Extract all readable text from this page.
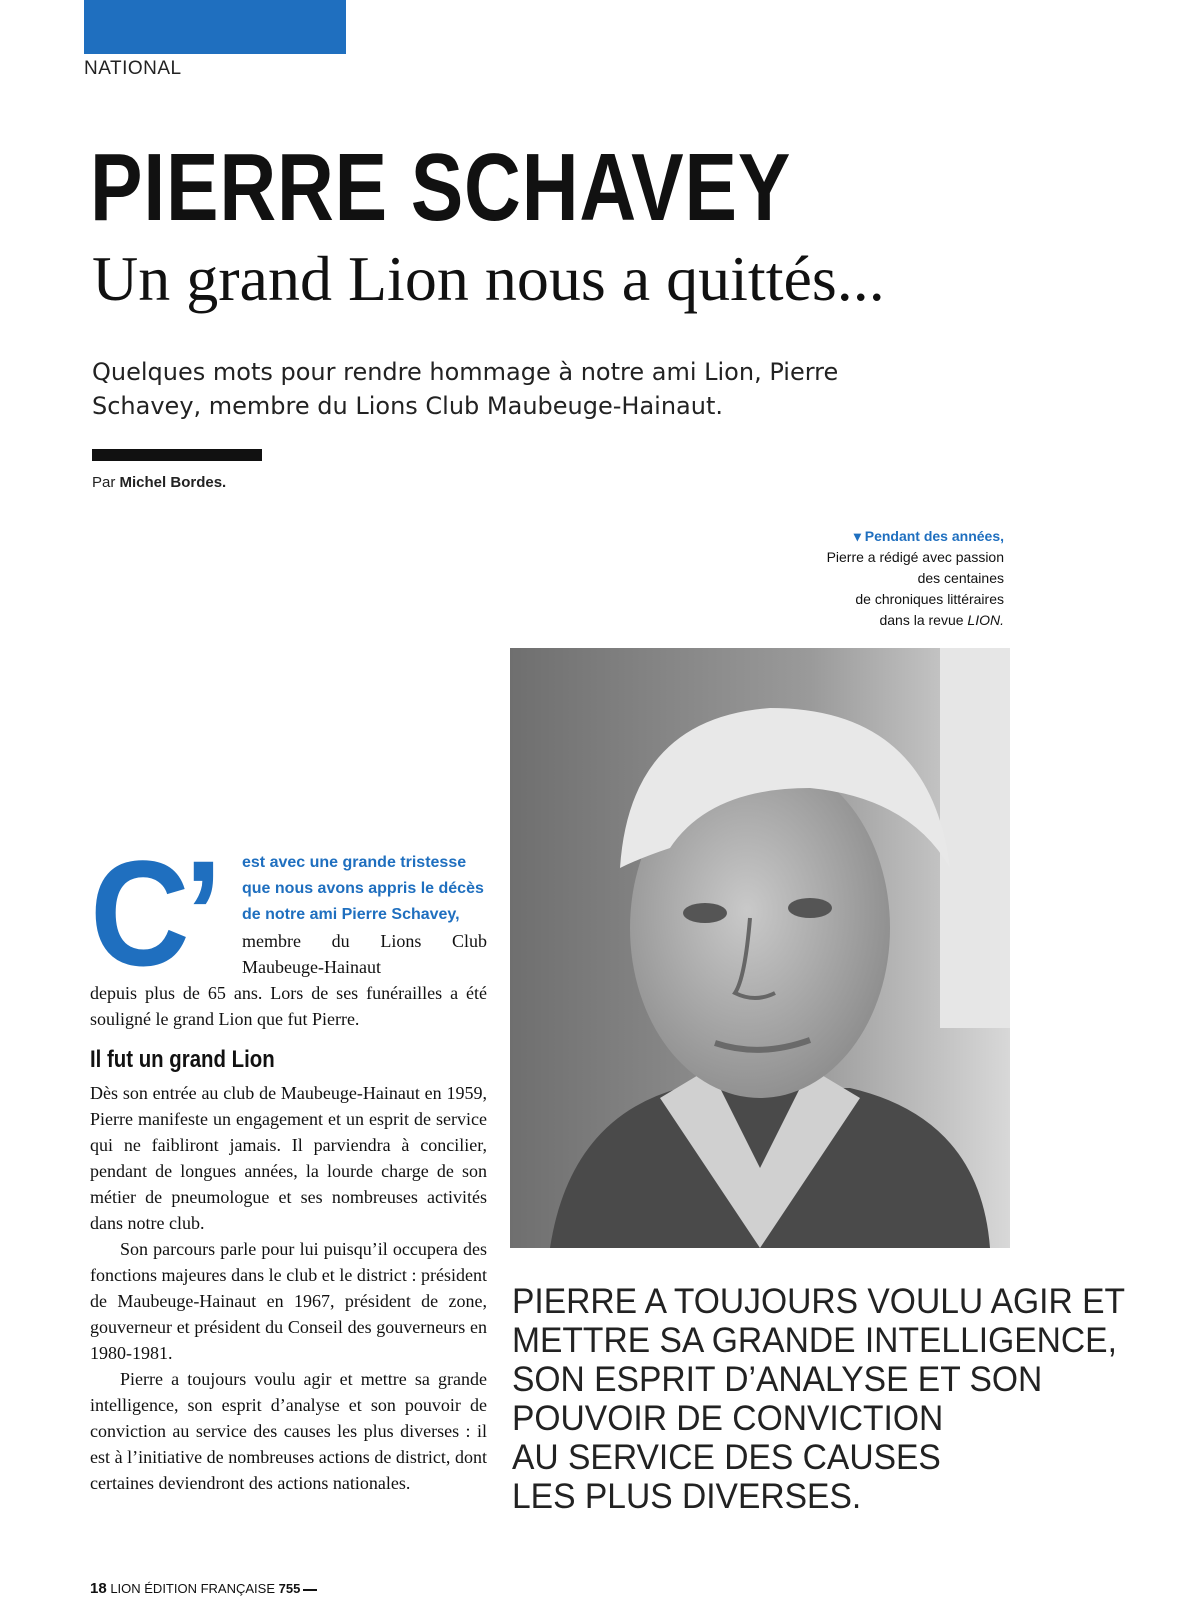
NATIONAL
PIERRE SCHAVEY
Un grand Lion nous a quittés...
Quelques mots pour rendre hommage à notre ami Lion, Pierre Schavey, membre du Lions Club Maubeuge-Hainaut.
Par Michel Bordes.
▾ Pendant des années,
Pierre a rédigé avec passion
des centaines
de chroniques littéraires
dans la revue LION.
C’ est avec une grande tristesse que nous avons appris le décès de notre ami Pierre Schavey,
membre du Lions Club Maubeuge-Hainaut
depuis plus de 65 ans. Lors de ses funérailles a été souligné le grand Lion que fut Pierre.
Il fut un grand Lion

Dès son entrée au club de Maubeuge-Hainaut en 1959, Pierre manifeste un engagement et un esprit de service qui ne faibliront jamais. Il parviendra à concilier, pendant de longues années, la lourde charge de son métier de pneumologue et ses nombreuses activités dans notre club.

Son parcours parle pour lui puisqu’il occupera des fonctions majeures dans le club et le district : président de Maubeuge-Hainaut en 1967, président de zone, gouverneur et président du Conseil des gouverneurs en 1980-1981.

Pierre a toujours voulu agir et mettre sa grande intelligence, son esprit d’analyse et son pouvoir de conviction au service des causes les plus diverses : il est à l’initiative de nombreuses actions de district, dont certaines deviendront des actions nationales.

PIERRE A TOUJOURS VOULU AGIR ET
METTRE SA GRANDE INTELLIGENCE,
SON ESPRIT D’ANALYSE ET SON
POUVOIR DE CONVICTION
AU SERVICE DES CAUSES
LES PLUS DIVERSES.
18 LION ÉDITION FRANÇAISE 755
